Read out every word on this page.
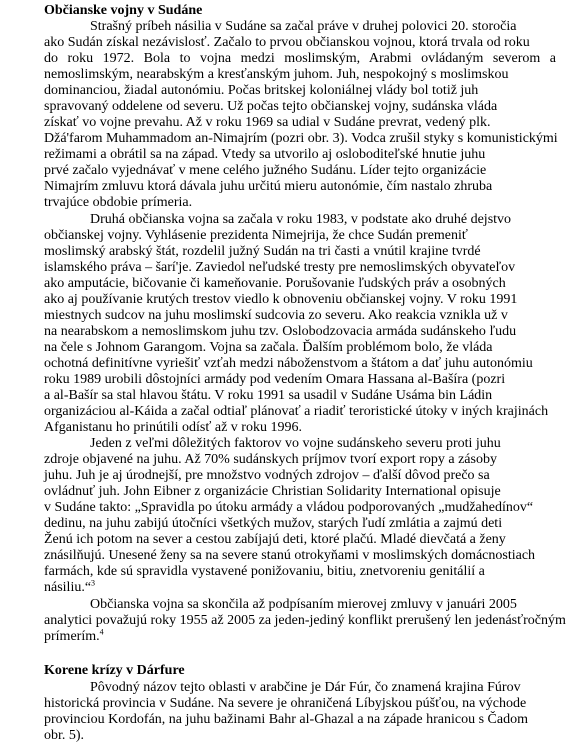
Občianske vojny v Sudáne
Strašný príbeh násilia v Sudáne sa začal práve v druhej polovici 20. storočia
ako Sudán získal nezávislosť. Začalo to prvou občianskou vojnou, ktorá trvala od roku
do roku 1972. Bola to vojna medzi moslimským, Arabmi ovládaným severom a
nemoslimským, nearabským a kresťanským juhom. Juh, nespokojný s moslimskou
dominanciou, žiadal autonómiu. Počas britskej koloniálnej vlády bol totiž juh
spravovaný oddelene od severu. Už počas tejto občianskej vojny, sudánska vláda
získať vo vojne prevahu. Až v roku 1969 sa udial v Sudáne prevrat, vedený plk.
Džá'farom Muhammadom an-Nimajrím (pozri obr. 3). Vodca zrušil styky s komunistickými
režimami a obrátil sa na západ. Vtedy sa utvorilo aj osloboditeľské hnutie juhu
prvé začalo vyjednávať v mene celého južného Sudánu. Líder tejto organizácie
Nimajrím zmluvu ktorá dávala juhu určitú mieru autonómie, čím nastalo zhruba
trvajúce obdobie prímeria.
Druhá občianska vojna sa začala v roku 1983, v podstate ako druhé dejstvo
občianskej vojny. Vyhlásenie prezidenta Nimejrija, že chce Sudán premeniť
moslimský arabský štát, rozdelil južný Sudán na tri časti a vnútil krajine tvrdé
islamského práva – šarí'je. Zaviedol neľudské tresty pre nemoslimských obyvateľov
ako amputácie, bičovanie či kameňovanie. Porušovanie ľudských práv a osobných
ako aj používanie krutých trestov viedlo k obnoveniu občianskej vojny. V roku 1991
miestnych sudcov na juhu moslimskí sudcovia zo severu. Ako reakcia vznikla už v
na nearabskom a nemoslimskom juhu tzv. Oslobodzovacia armáda sudánskeho ľudu
na čele s Johnom Garangom. Vojna sa začala. Ďalším problémom bolo, že vláda
ochotná definitívne vyriešiť vzťah medzi náboženstvom a štátom a dať juhu autonómiu
roku 1989 urobili dôstojníci armády pod vedením Omara Hassana al-Bašíra (pozri
a al-Bašír sa stal hlavou štátu. V roku 1991 sa usadil v Sudáne Usáma bin Ládin
organizáciou al-Káida a začal odtiaľ plánovať a riadiť teroristické útoky v iných krajinách
Afganistanu ho prinútili odísť až v roku 1996.
Jeden z veľmi dôležitých faktorov vo vojne sudánskeho severu proti juhu
zdroje objavené na juhu. Až 70% sudánskych príjmov tvorí export ropy a zásoby
juhu. Juh je aj úrodnejší, pre množstvo vodných zdrojov – ďalší dôvod prečo sa
ovládnuť juh. John Eibner z organizácie Christian Solidarity International opisuje
v Sudáne takto: „Spravidla po útoku armády a vládou podporovaných „mudžahedínov“
dedinu, na juhu zabijú útočníci všetkých mužov, starých ľudí zmlátia a zajmú deti
Ženú ich potom na sever a cestou zabíjajú deti, ktoré plačú. Mladé dievčatá a ženy
znásilňujú. Unesené ženy sa na severe stanú otrokyňami v moslimských domácnostiach
farmách, kde sú spravidla vystavené ponižovaniu, bitiu, znetvoreniu genitálií a
násiliu.“$^3$
Občianska vojna sa skončila až podpísaním mierovej zmluvy v januári 2005
analytici považujú roky 1955 až 2005 za jeden-jediný konflikt prerušený len jedenásťročným
prímerím.$^4$
Korene krízy v Dárfure
Pôvodný názov tejto oblasti v arabčine je Dár Fúr, čo znamená krajina Fúrov
historická provincia v Sudáne. Na severe je ohraničená Líbyjskou púšťou, na východe
provinciou Kordofán, na juhu bažinami Bahr al-Ghazal a na západe hranicou s Čadom
obr. 5).
